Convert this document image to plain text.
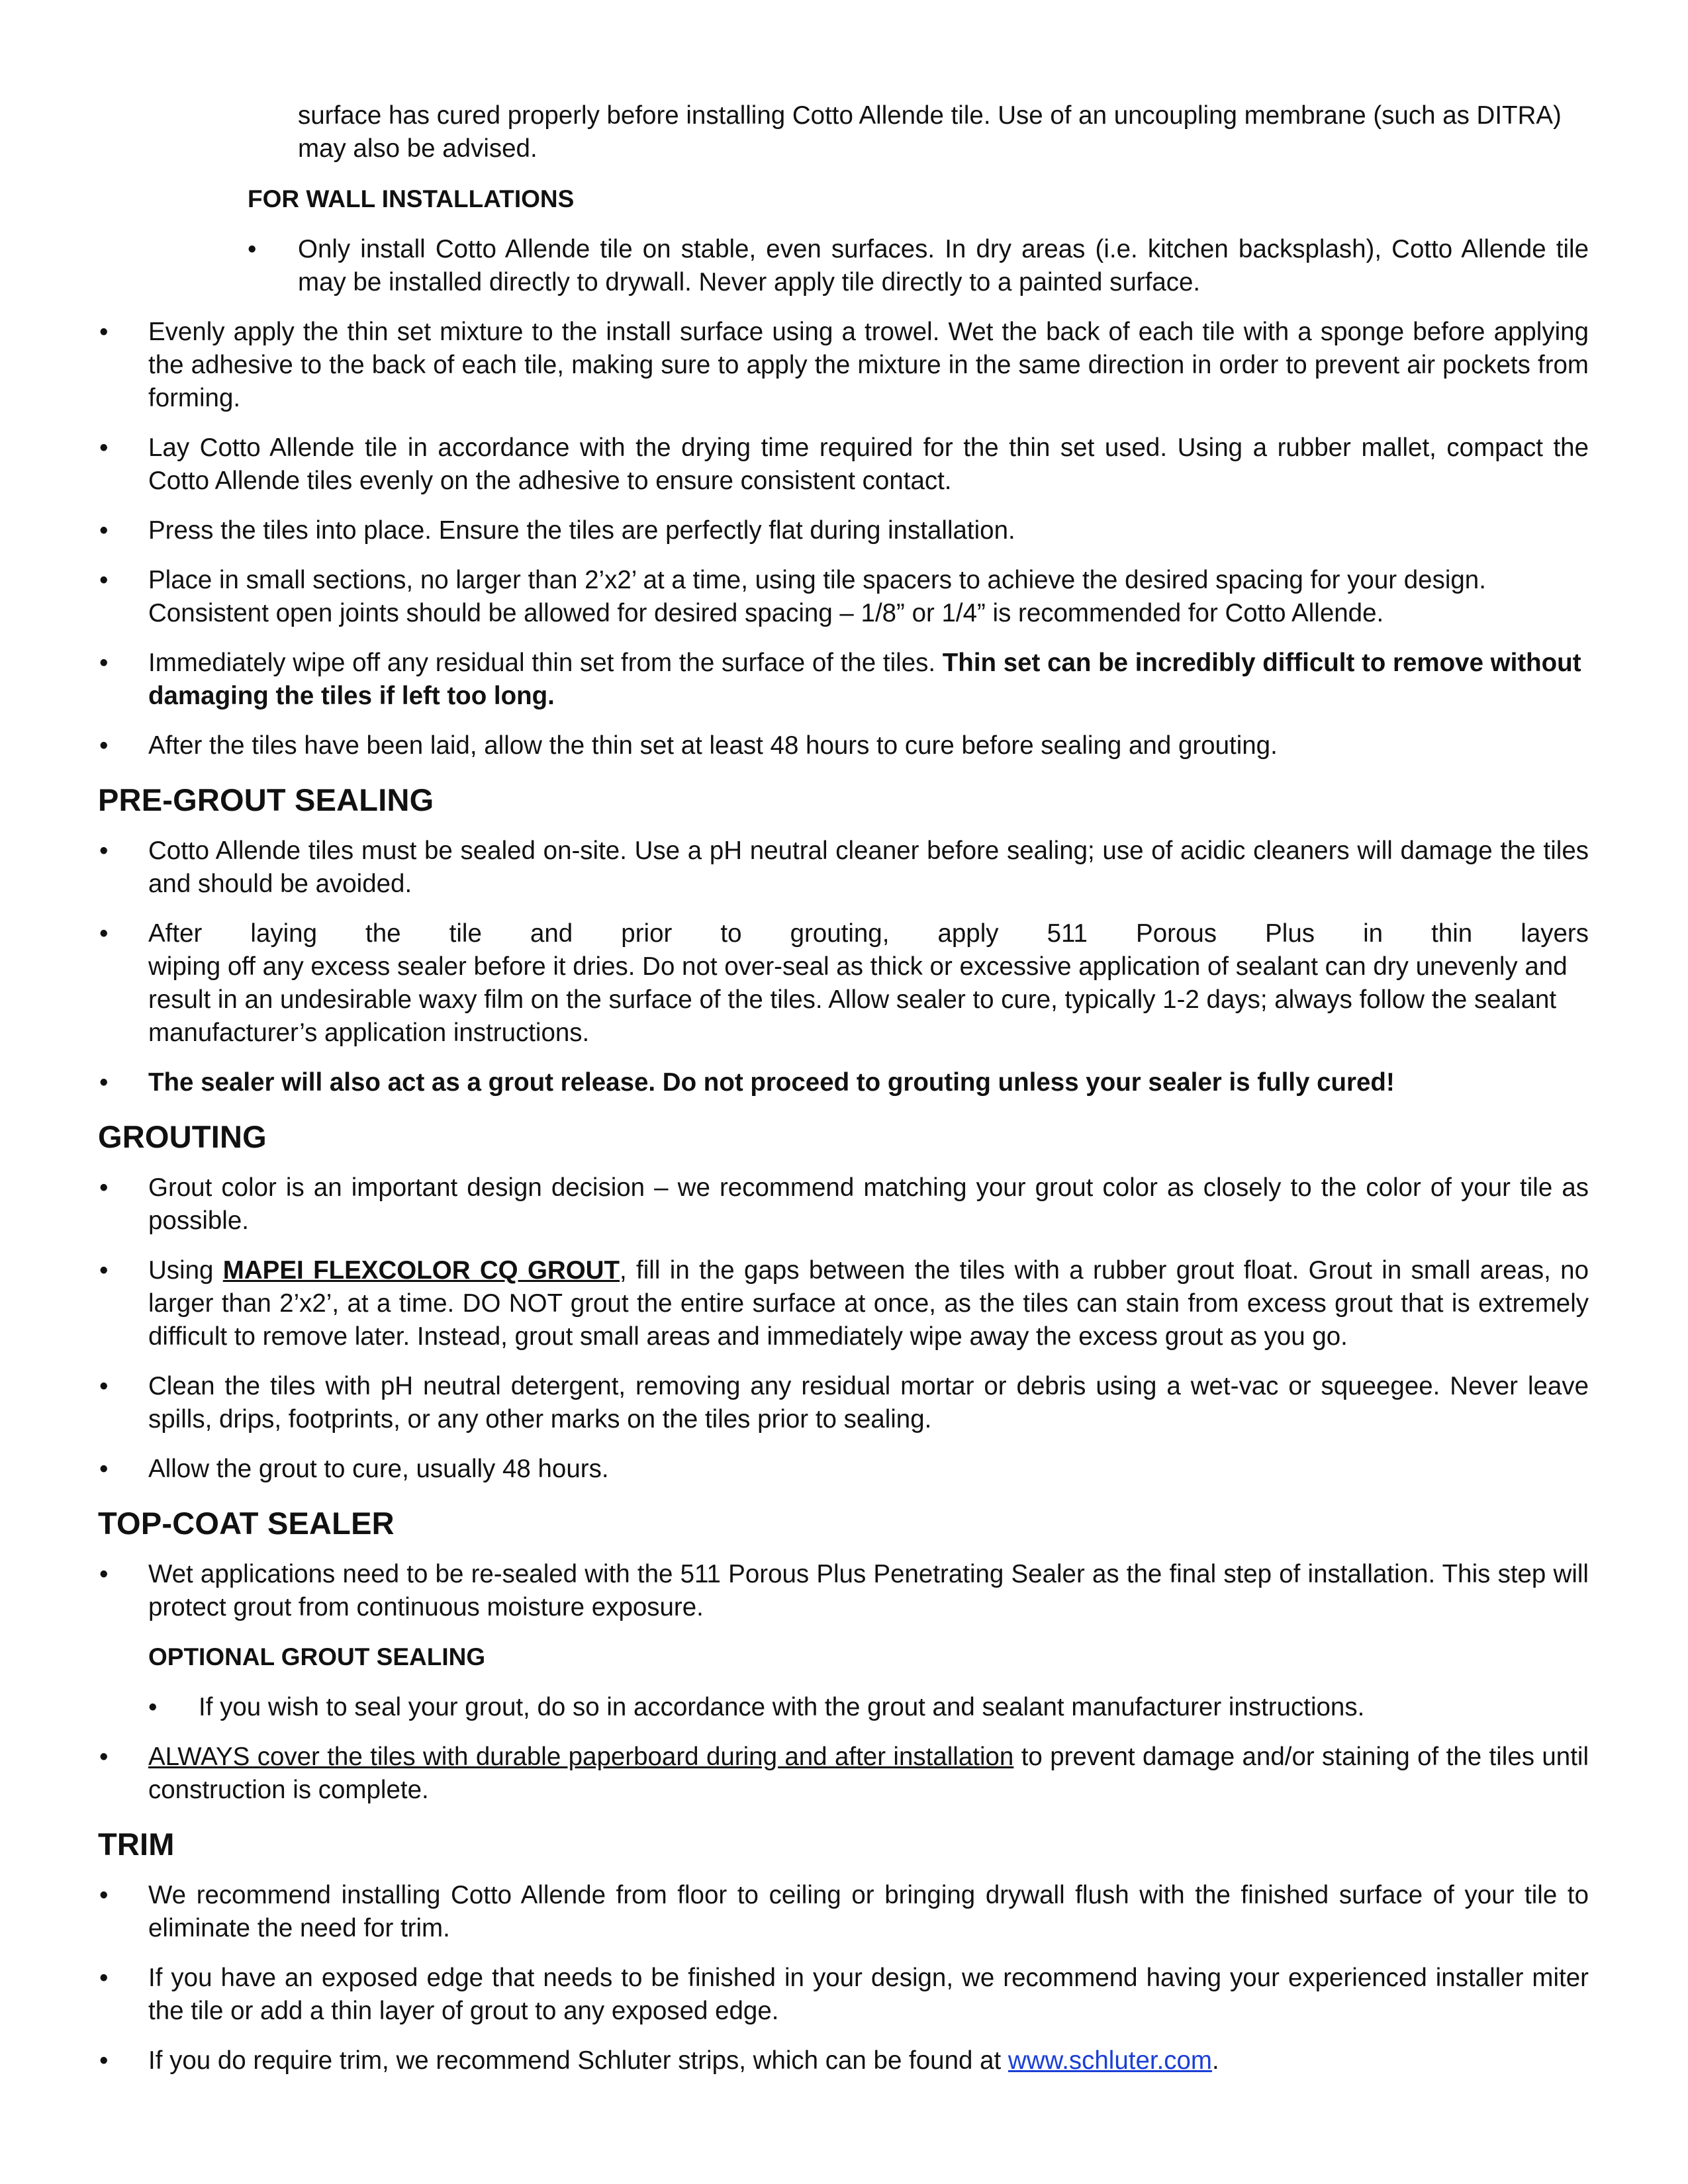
surface has cured properly before installing Cotto Allende tile. Use of an uncoupling membrane (such as DITRA) may also be advised.

FOR WALL INSTALLATIONS
• Only install Cotto Allende tile on stable, even surfaces. In dry areas (i.e. kitchen backsplash), Cotto Allende tile may be installed directly to drywall. Never apply tile directly to a painted surface.
• Evenly apply the thin set mixture to the install surface using a trowel. Wet the back of each tile with a sponge before applying the adhesive to the back of each tile, making sure to apply the mixture in the same direction in order to prevent air pockets from forming.
• Lay Cotto Allende tile in accordance with the drying time required for the thin set used. Using a rubber mallet, compact the Cotto Allende tiles evenly on the adhesive to ensure consistent contact.
• Press the tiles into place. Ensure the tiles are perfectly flat during installation.
• Place in small sections, no larger than 2’x2’ at a time, using tile spacers to achieve the desired spacing for your design. Consistent open joints should be allowed for desired spacing – 1/8” or 1/4” is recommended for Cotto Allende.
• Immediately wipe off any residual thin set from the surface of the tiles. Thin set can be incredibly difficult to remove without damaging the tiles if left too long.
• After the tiles have been laid, allow the thin set at least 48 hours to cure before sealing and grouting.
PRE-GROUT SEALING
• Cotto Allende tiles must be sealed on-site. Use a pH neutral cleaner before sealing; use of acidic cleaners will damage the tiles and should be avoided.
• After laying the tile and prior to grouting, apply 511 Porous Plus in thin layers
wiping off any excess sealer before it dries. Do not over-seal as thick or excessive application of sealant can dry unevenly and result in an undesirable waxy film on the surface of the tiles. Allow sealer to cure, typically 1-2 days; always follow the sealant manufacturer’s application instructions.
• The sealer will also act as a grout release. Do not proceed to grouting unless your sealer is fully cured!
GROUTING
• Grout color is an important design decision – we recommend matching your grout color as closely to the color of your tile as possible.
• Using MAPEI FLEXCOLOR CQ GROUT, fill in the gaps between the tiles with a rubber grout float. Grout in small areas, no larger than 2’x2’, at a time. DO NOT grout the entire surface at once, as the tiles can stain from excess grout that is extremely difficult to remove later. Instead, grout small areas and immediately wipe away the excess grout as you go.
• Clean the tiles with pH neutral detergent, removing any residual mortar or debris using a wet-vac or squeegee. Never leave spills, drips, footprints, or any other marks on the tiles prior to sealing.
• Allow the grout to cure, usually 48 hours.
TOP-COAT SEALER
• Wet applications need to be re-sealed with the 511 Porous Plus Penetrating Sealer as the final step of installation. This step will protect grout from continuous moisture exposure.
OPTIONAL GROUT SEALING
• If you wish to seal your grout, do so in accordance with the grout and sealant manufacturer instructions.
• ALWAYS cover the tiles with durable paperboard during and after installation to prevent damage and/or staining of the tiles until construction is complete.
TRIM
• We recommend installing Cotto Allende from floor to ceiling or bringing drywall flush with the finished surface of your tile to eliminate the need for trim.
• If you have an exposed edge that needs to be finished in your design, we recommend having your experienced installer miter the tile or add a thin layer of grout to any exposed edge.
• If you do require trim, we recommend Schluter strips, which can be found at www.schluter.com.
